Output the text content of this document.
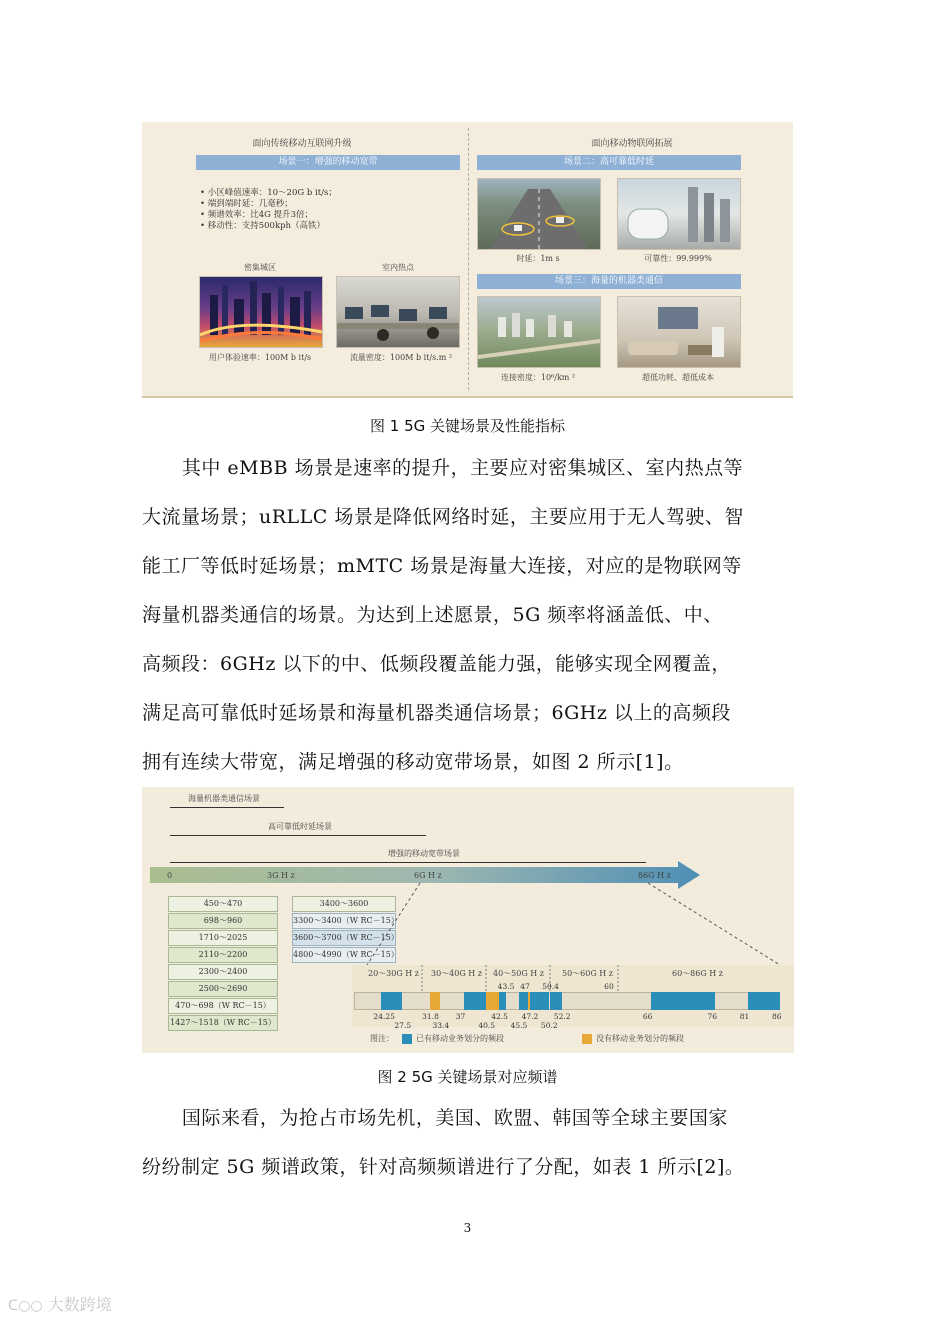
面向传统移动互联网升级	面向移动物联网拓展
场景一：增强的移动宽带	场景二：高可靠低时延
• 小区峰值速率：10～20G b it/s；
• 端到端时延：几毫秒；
• 频谱效率：比4G 提升3倍；
• 移动性：支持500kph（高铁）
密集城区	室内热点
用户体验速率：100M b it/s	流量密度：100M b it/s.m ²
时延：1m s	可靠性：99.999%
场景三：海量的机器类通信
连接密度：10⁶/km ²	超低功耗、超低成本
图 1 5G 关键场景及性能指标

其中 eMBB 场景是速率的提升，主要应对密集城区、室内热点等

大流量场景；uRLLC 场景是降低网络时延，主要应用于无人驾驶、智

能工厂等低时延场景；mMTC 场景是海量大连接，对应的是物联网等

海量机器类通信的场景。为达到上述愿景，5G 频率将涵盖低、中、

高频段：6GHz 以下的中、低频段覆盖能力强，能够实现全网覆盖，

满足高可靠低时延场景和海量机器类通信场景；6GHz 以上的高频段

拥有连续大带宽，满足增强的移动宽带场景，如图 2 所示[1]。

海量机器类通信场景
高可靠低时延场景
增强的移动宽带场景
0	3G H z	6G H z	86G H z
450～470
698～960
1710～2025
2110～2200
2300～2400
2500～2690
470～698（W RC－15）
1427～1518（W RC－15）
3400～3600
3300～3400（W RC－15）
3600～3700（W RC－15）
4800～4990（W RC－15）
20～30G H z 30～40G H z 40～50G H z 50～60G H z	60～86G H z
43.5 47 50.4	60
24.25	31.8 37	42.5 47.2 52.2	66	76	81	86
27.5	33.4	40.5 45.5 50.2
图注：	已有移动业务划分的频段	没有移动业务划分的频段
图 2 5G 关键场景对应频谱

国际来看，为抢占市场先机，美国、欧盟、韩国等全球主要国家

纷纷制定 5G 频谱政策，针对高频频谱进行了分配，如表 1 所示[2]。

3
ᑕ○○ 大数跨境
